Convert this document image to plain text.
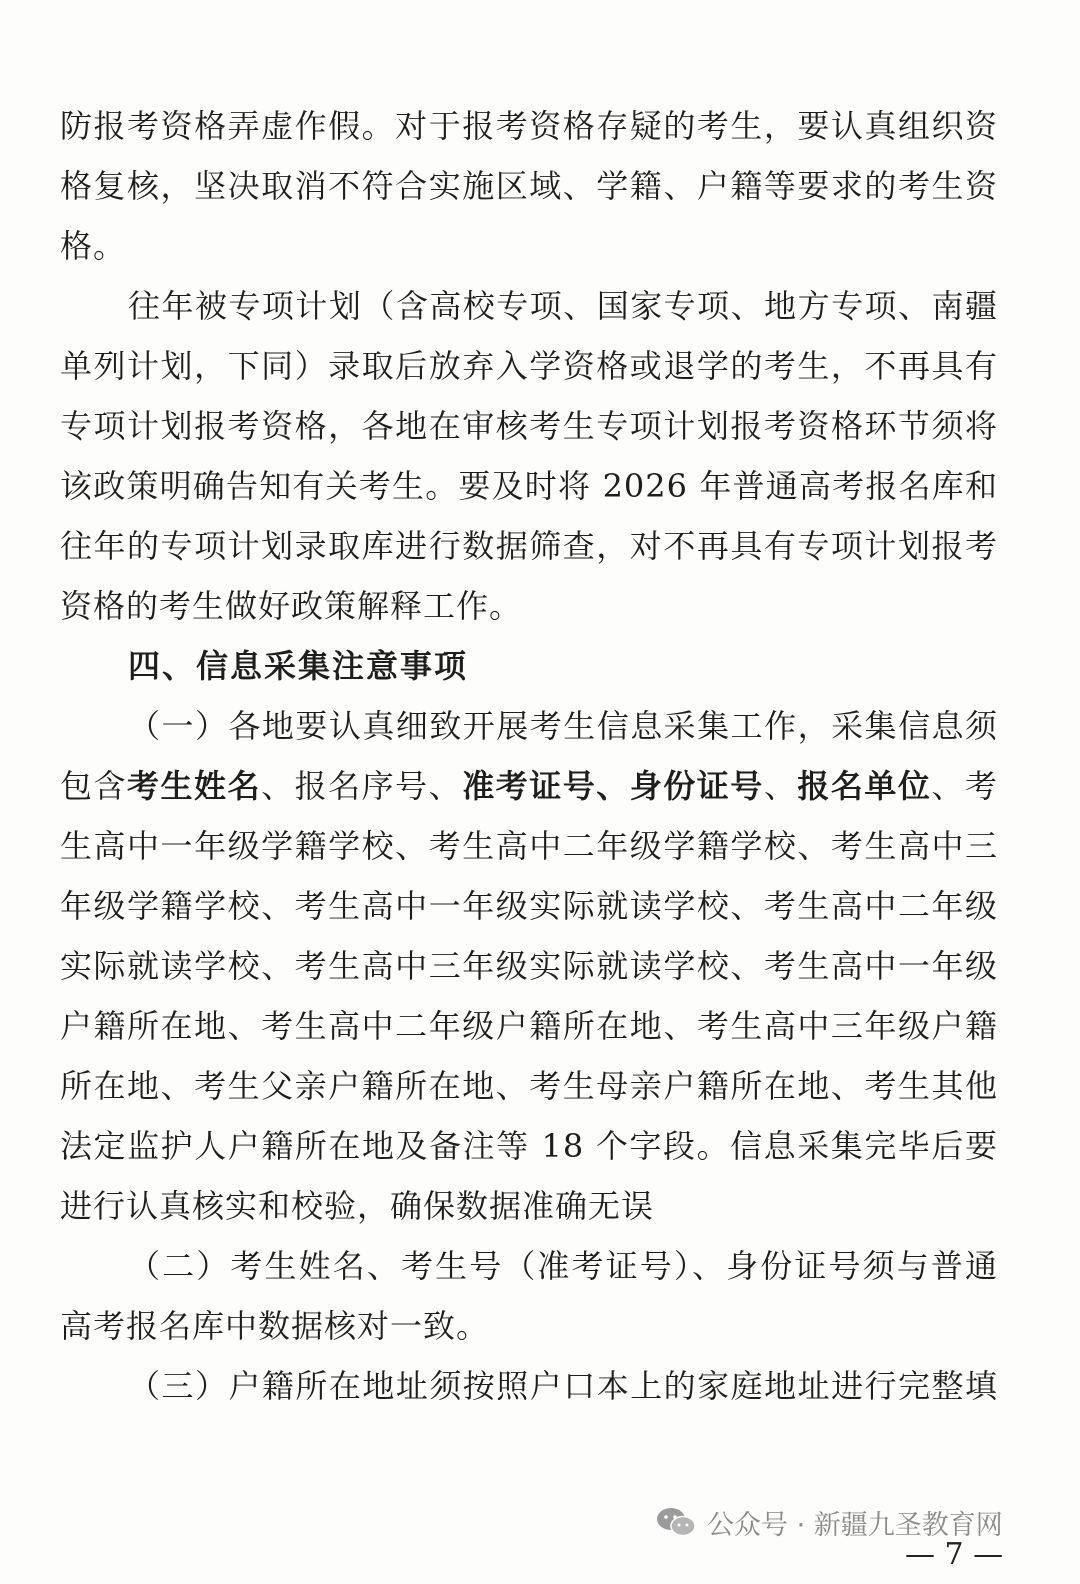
防报考资格弄虚作假。对于报考资格存疑的考生，要认真组织资
格复核，坚决取消不符合实施区域、学籍、户籍等要求的考生资
格。
往年被专项计划（含高校专项、国家专项、地方专项、南疆
单列计划，下同）录取后放弃入学资格或退学的考生，不再具有
专项计划报考资格，各地在审核考生专项计划报考资格环节须将
该政策明确告知有关考生。要及时将 2026 年普通高考报名库和
往年的专项计划录取库进行数据筛查，对不再具有专项计划报考
资格的考生做好政策解释工作。
四、信息采集注意事项
（一）各地要认真细致开展考生信息采集工作，采集信息须
包含考生姓名、报名序号、准考证号、身份证号、报名单位、考
生高中一年级学籍学校、考生高中二年级学籍学校、考生高中三
年级学籍学校、考生高中一年级实际就读学校、考生高中二年级
实际就读学校、考生高中三年级实际就读学校、考生高中一年级
户籍所在地、考生高中二年级户籍所在地、考生高中三年级户籍
所在地、考生父亲户籍所在地、考生母亲户籍所在地、考生其他
法定监护人户籍所在地及备注等 18 个字段。信息采集完毕后要
进行认真核实和校验，确保数据准确无误
（二）考生姓名、考生号（准考证号）、身份证号须与普通
高考报名库中数据核对一致。
（三）户籍所在地址须按照户口本上的家庭地址进行完整填
公众号 · 新疆九圣教育网
— 7 —
